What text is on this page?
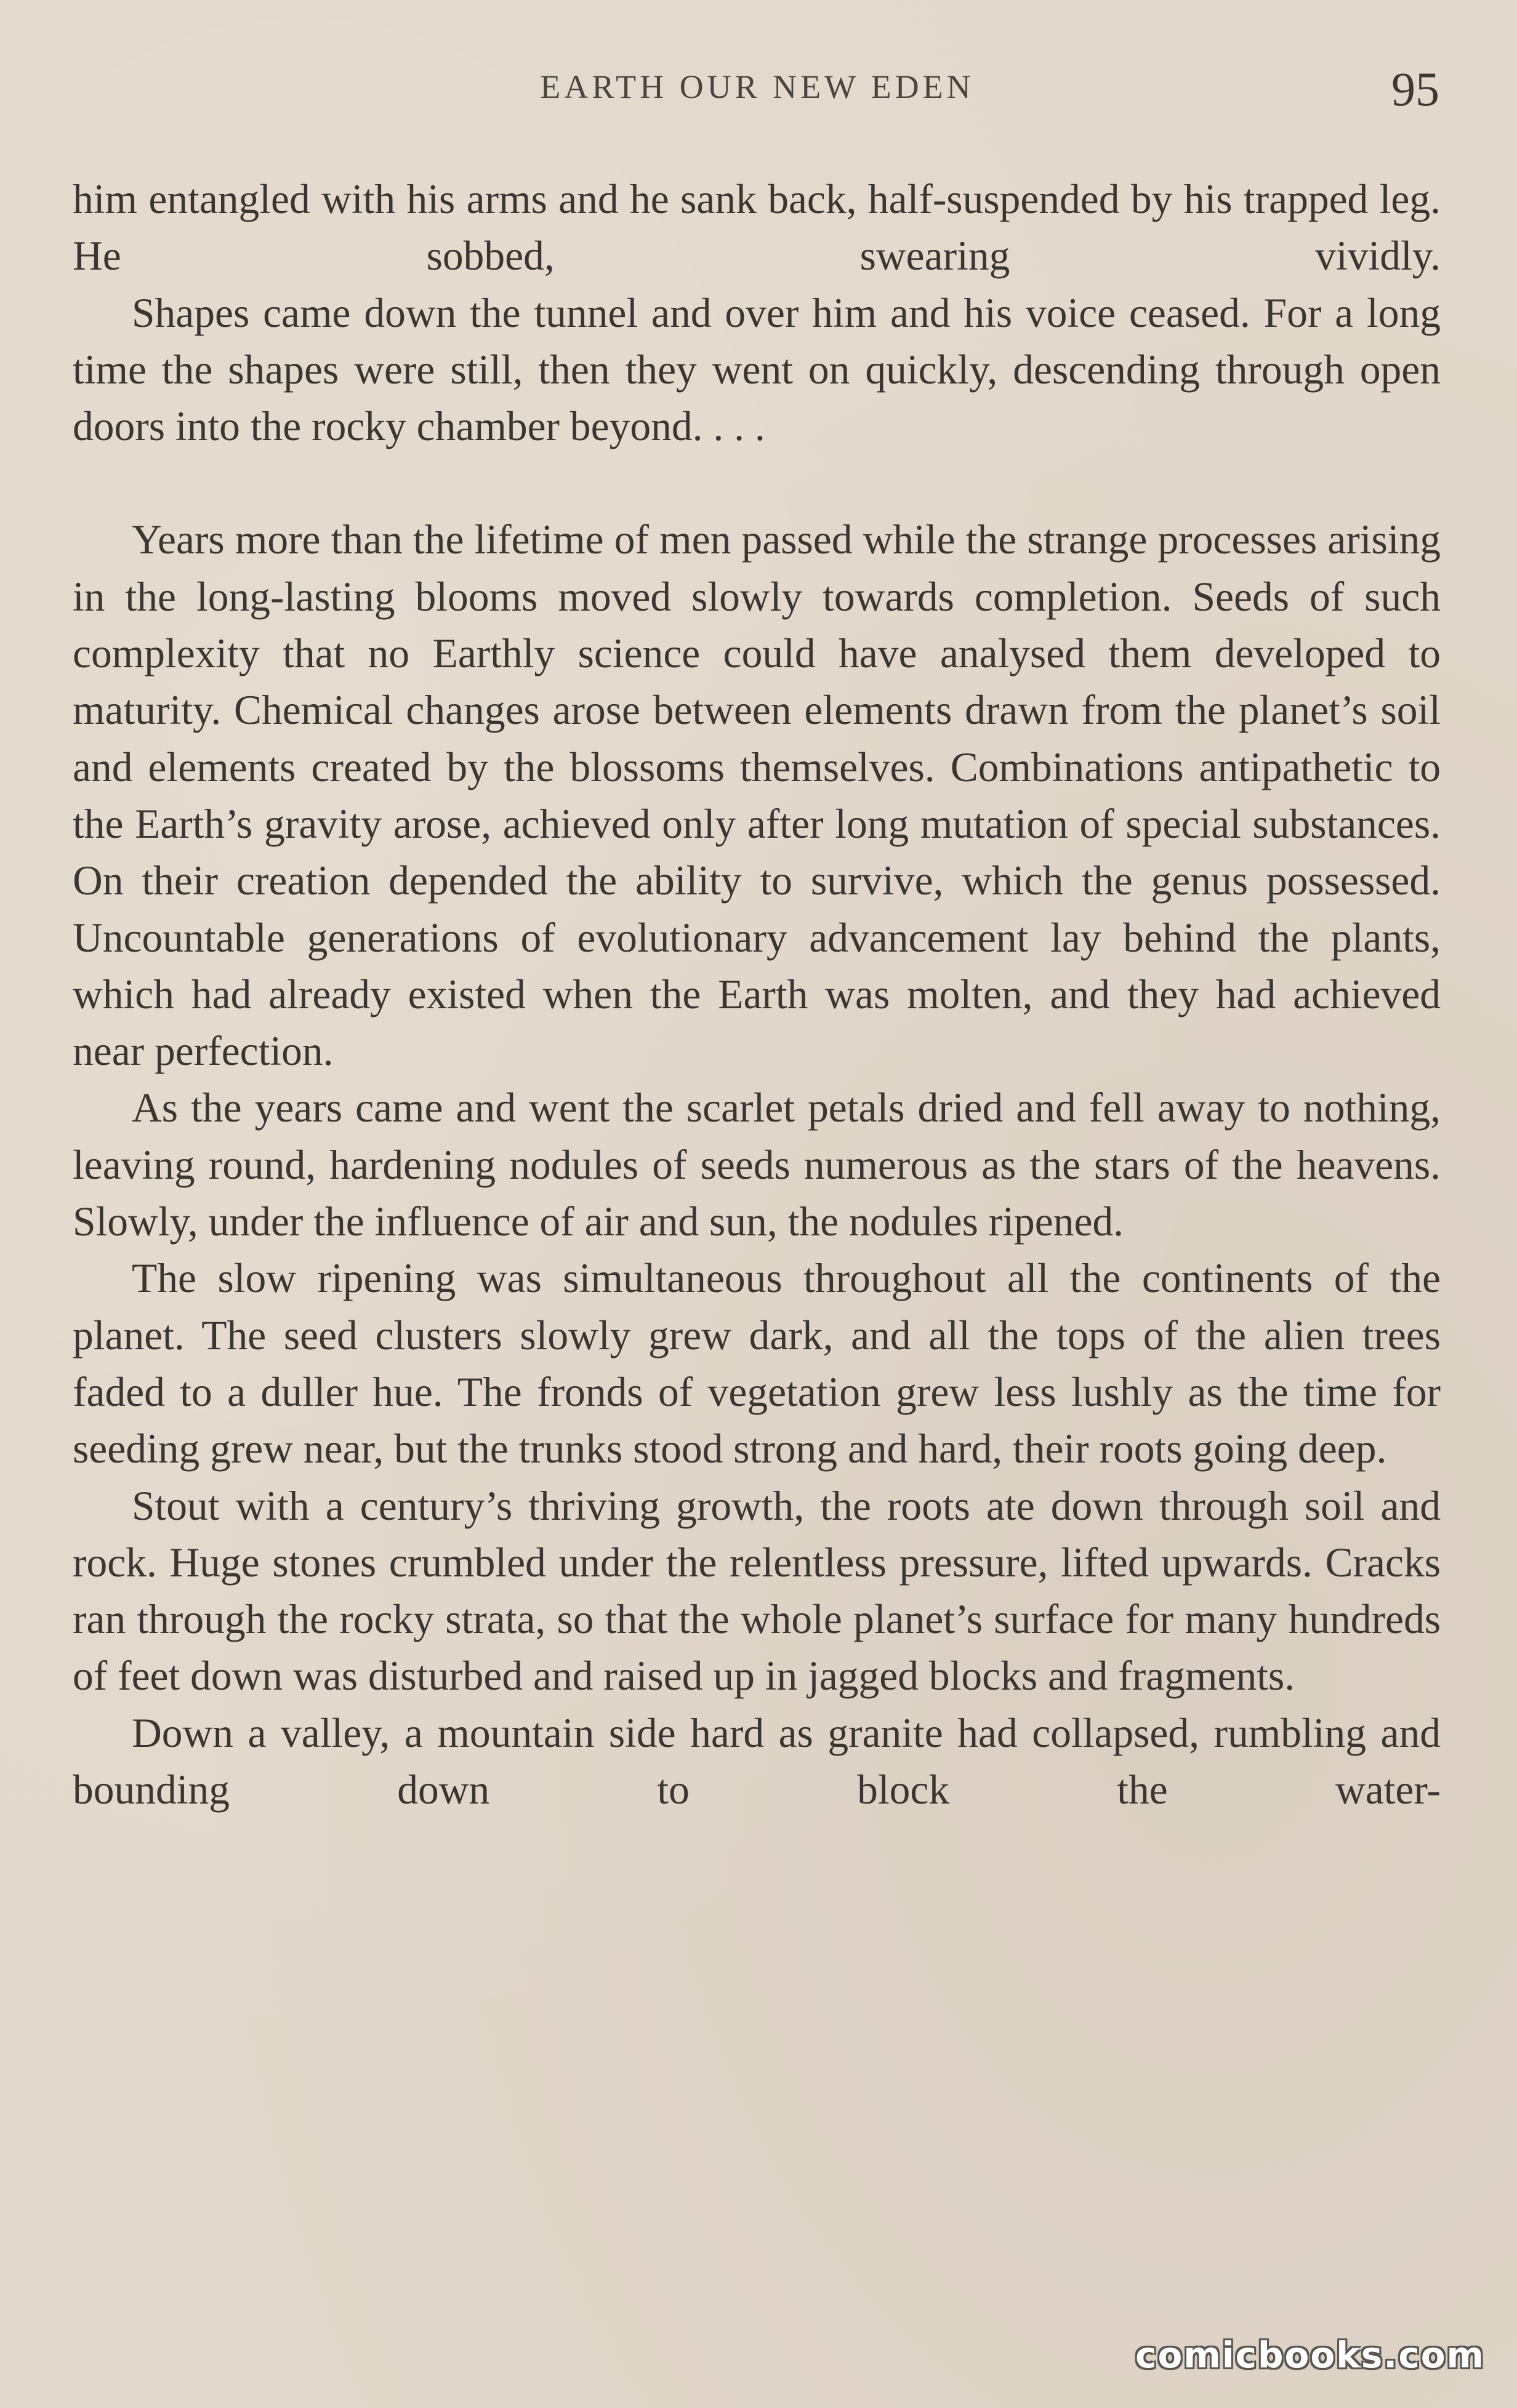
EARTH OUR NEW EDEN	95

him entangled with his arms and he sank back, half-suspended by his trapped leg. He sobbed, swearing vividly.

Shapes came down the tunnel and over him and his voice ceased. For a long time the shapes were still, then they went on quickly, descending through open doors into the rocky chamber beyond. . . .

Years more than the lifetime of men passed while the strange processes arising in the long-lasting blooms moved slowly towards completion. Seeds of such complexity that no Earthly science could have analysed them developed to maturity. Chemical changes arose between elements drawn from the planet’s soil and elements created by the blossoms themselves. Combinations antipathetic to the Earth’s gravity arose, achieved only after long mutation of special substances. On their creation depended the ability to survive, which the genus possessed. Uncountable generations of evolutionary advancement lay behind the plants, which had already existed when the Earth was molten, and they had achieved near perfection.

As the years came and went the scarlet petals dried and fell away to nothing, leaving round, hardening nodules of seeds numerous as the stars of the heavens. Slowly, under the influence of air and sun, the nodules ripened.

The slow ripening was simultaneous throughout all the continents of the planet. The seed clusters slowly grew dark, and all the tops of the alien trees faded to a duller hue. The fronds of vegetation grew less lushly as the time for seeding grew near, but the trunks stood strong and hard, their roots going deep.

Stout with a century’s thriving growth, the roots ate down through soil and rock. Huge stones crumbled under the relentless pressure, lifted upwards. Cracks ran through the rocky strata, so that the whole planet’s surface for many hundreds of feet down was disturbed and raised up in jagged blocks and fragments.

Down a valley, a mountain side hard as granite had collapsed, rumbling and bounding down to block the water-

comicbooks.com
